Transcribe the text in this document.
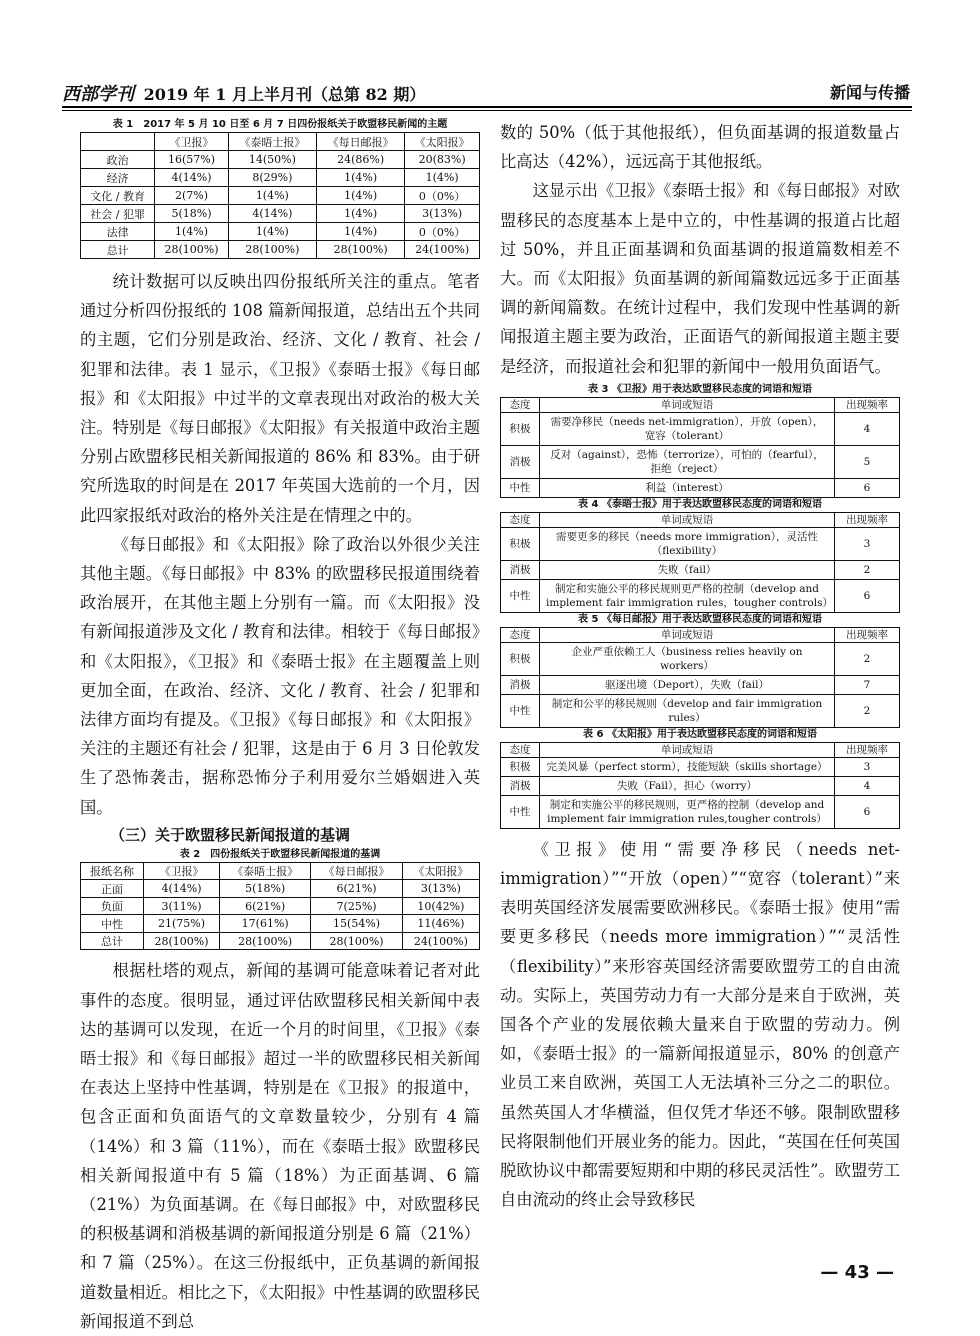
西部学刊 2019 年 1 月上半月刊（总第 82 期）	新闻与传播

表 1　2017 年 5 月 10 日至 6 月 7 日四份报纸关于欧盟移民新闻的主题

	《卫报》	《泰晤士报》	《每日邮报》	《太阳报》
政治	16(57%)	14(50%)	24(86%)	20(83%)
经济	4(14%)	8(29%)	1(4%)	1(4%)
文化 / 教育	2(7%)	1(4%)	1(4%)	0（0%）
社会 / 犯罪	5(18%)	4(14%)	1(4%)	3(13%)
法律	1(4%)	1(4%)	1(4%)	0（0%）
总计	28(100%)	28(100%)	28(100%)	24(100%)

统计数据可以反映出四份报纸所关注的重点。笔者通过分析四份报纸的 108 篇新闻报道，总结出五个共同的主题，它们分别是政治、经济、文化 / 教育、社会 / 犯罪和法律。表 1 显示，《卫报》《泰晤士报》《每日邮报》和《太阳报》中过半的文章表现出对政治的极大关注。特别是《每日邮报》《太阳报》有关报道中政治主题分别占欧盟移民相关新闻报道的 86% 和 83%。由于研究所选取的时间是在 2017 年英国大选前的一个月，因此四家报纸对政治的格外关注是在情理之中的。

《每日邮报》和《太阳报》除了政治以外很少关注其他主题。《每日邮报》中 83% 的欧盟移民报道围绕着政治展开，在其他主题上分别有一篇。而《太阳报》没有新闻报道涉及文化 / 教育和法律。相较于《每日邮报》和《太阳报》，《卫报》和《泰晤士报》在主题覆盖上则更加全面，在政治、经济、文化 / 教育、社会 / 犯罪和法律方面均有提及。《卫报》《每日邮报》和《太阳报》关注的主题还有社会 / 犯罪，这是由于 6 月 3 日伦敦发生了恐怖袭击，据称恐怖分子利用爱尔兰婚姻进入英国。

（三）关于欧盟移民新闻报道的基调

表 2　四份报纸关于欧盟移民新闻报道的基调

报纸名称	《卫报》	《泰晤士报》	《每日邮报》	《太阳报》
正面	4(14%)	5(18%)	6(21%)	3(13%)
负面	3(11%)	6(21%)	7(25%)	10(42%)
中性	21(75%)	17(61%)	15(54%)	11(46%)
总计	28(100%)	28(100%)	28(100%)	24(100%)

根据杜塔的观点，新闻的基调可能意味着记者对此事件的态度。很明显，通过评估欧盟移民相关新闻中表达的基调可以发现，在近一个月的时间里，《卫报》《泰晤士报》和《每日邮报》超过一半的欧盟移民相关新闻在表达上坚持中性基调，特别是在《卫报》的报道中，包含正面和负面语气的文章数量较少，分别有 4 篇（14%）和 3 篇（11%），而在《泰晤士报》欧盟移民相关新闻报道中有 5 篇（18%）为正面基调、6 篇（21%）为负面基调。在《每日邮报》中，对欧盟移民的积极基调和消极基调的新闻报道分别是 6 篇（21%）和 7 篇（25%）。在这三份报纸中，正负基调的新闻报道数量相近。相比之下，《太阳报》中性基调的欧盟移民新闻报道不到总

数的 50%（低于其他报纸），但负面基调的报道数量占比高达（42%），远远高于其他报纸。

这显示出《卫报》《泰晤士报》和《每日邮报》对欧盟移民的态度基本上是中立的，中性基调的报道占比超过 50%，并且正面基调和负面基调的报道篇数相差不大。而《太阳报》负面基调的新闻篇数远远多于正面基调的新闻篇数。在统计过程中，我们发现中性基调的新闻报道主题主要为政治，正面语气的新闻报道主题主要是经济，而报道社会和犯罪的新闻中一般用负面语气。

表 3 《卫报》用于表达欧盟移民态度的词语和短语

态度	单词或短语	出现频率
积极	需要净移民（needs net-immigration），开放（open），宽容（tolerant）	4
消极	反对（against），恐怖（terrorize），可怕的（fearful），拒绝（reject）	5
中性	利益（interest）	6

表 4 《泰晤士报》用于表达欧盟移民态度的词语和短语

态度	单词或短语	出现频率
积极	需要更多的移民（needs more immigration），灵活性（flexibility）	3
消极	失败（fail）	2
中性	制定和实施公平的移民规则更严格的控制（develop and implement fair immigration rules，tougher controls）	6

表 5 《每日邮报》用于表达欧盟移民态度的词语和短语

态度	单词或短语	出现频率
积极	企业严重依赖工人（business relies heavily on workers）	2
消极	驱逐出境（Deport），失败（fail）	7
中性	制定和公平的移民规则（develop and fair immigration rules）	2

表 6 《太阳报》用于表达欧盟移民态度的词语和短语

态度	单词或短语	出现频率
积极	完美风暴（perfect storm），技能短缺（skills shortage）	3
消极	失败（Fail），担心（worry）	4
中性	制定和实施公平的移民规则，更严格的控制（develop and implement fair immigration rules,tougher controls）	6

《卫报》使用“需要净移民（needs net-immigration）”“开放（open）”“宽容（tolerant）”来表明英国经济发展需要欧洲移民。《泰晤士报》使用“需要更多移民（needs more immigration）”“灵活性（flexibility）”来形容英国经济需要欧盟劳工的自由流动。实际上，英国劳动力有一大部分是来自于欧洲，英国各个产业的发展依赖大量来自于欧盟的劳动力。例如，《泰晤士报》的一篇新闻报道显示，80% 的创意产业员工来自欧洲，英国工人无法填补三分之二的职位。虽然英国人才华横溢，但仅凭才华还不够。限制欧盟移民将限制他们开展业务的能力。因此，“英国在任何英国脱欧协议中都需要短期和中期的移民灵活性”。欧盟劳工自由流动的终止会导致移民

— 43 —
